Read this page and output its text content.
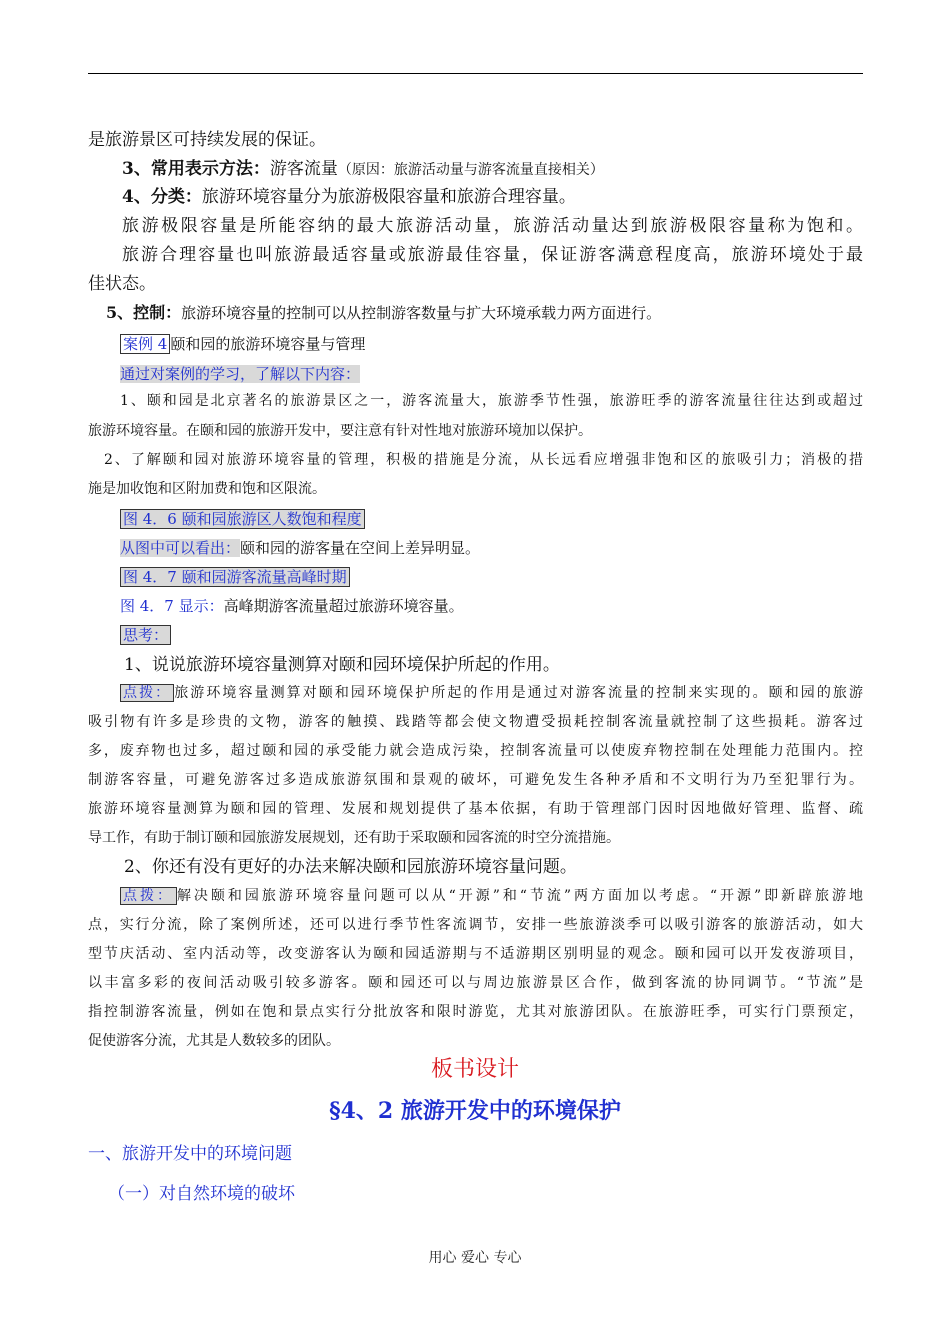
是旅游景区可持续发展的保证。
3、常用表示方法：游客流量（原因：旅游活动量与游客流量直接相关）
4、分类：旅游环境容量分为旅游极限容量和旅游合理容量。
旅游极限容量是所能容纳的最大旅游活动量，旅游活动量达到旅游极限容量称为饱和。
旅游合理容量也叫旅游最适容量或旅游最佳容量，保证游客满意程度高，旅游环境处于最
佳状态。
5、控制：旅游环境容量的控制可以从控制游客数量与扩大环境承载力两方面进行。
案例 4 颐和园的旅游环境容量与管理
通过对案例的学习，了解以下内容：
1、颐和园是北京著名的旅游景区之一，游客流量大，旅游季节性强，旅游旺季的游客流量往往达到或超过
旅游环境容量。在颐和园的旅游开发中，要注意有针对性地对旅游环境加以保护。
2、了解颐和园对旅游环境容量的管理，积极的措施是分流，从长远看应增强非饱和区的旅吸引力；消极的措
施是加收饱和区附加费和饱和区限流。
图 4．6 颐和园旅游区人数饱和程度
从图中可以看出：颐和园的游客量在空间上差异明显。
图 4．7 颐和园游客流量高峰时期
图 4．7 显示：高峰期游客流量超过旅游环境容量。
思考：
1、说说旅游环境容量测算对颐和园环境保护所起的作用。
点拨： 旅游环境容量测算对颐和园环境保护所起的作用是通过对游客流量的控制来实现的。颐和园的旅游
吸引物有许多是珍贵的文物，游客的触摸、践踏等都会使文物遭受损耗控制客流量就控制了这些损耗。游客过
多，废弃物也过多，超过颐和园的承受能力就会造成污染，控制客流量可以使废弃物控制在处理能力范围内。控
制游客容量，可避免游客过多造成旅游氛围和景观的破坏，可避免发生各种矛盾和不文明行为乃至犯罪行为。
旅游环境容量测算为颐和园的管理、发展和规划提供了基本依据，有助于管理部门因时因地做好管理、监督、疏
导工作，有助于制订颐和园旅游发展规划，还有助于采取颐和园客流的时空分流措施。
2、你还有没有更好的办法来解决颐和园旅游环境容量问题。
点拨： 解决颐和园旅游环境容量问题可以从“开源”和“节流”两方面加以考虑。“开源”即新辟旅游地
点，实行分流，除了案例所述，还可以进行季节性客流调节，安排一些旅游淡季可以吸引游客的旅游活动，如大
型节庆活动、室内活动等，改变游客认为颐和园适游期与不适游期区别明显的观念。颐和园可以开发夜游项目，
以丰富多彩的夜间活动吸引较多游客。颐和园还可以与周边旅游景区合作，做到客流的协同调节。“节流”是
指控制游客流量，例如在饱和景点实行分批放客和限时游览，尤其对旅游团队。在旅游旺季，可实行门票预定，
促使游客分流，尤其是人数较多的团队。
板书设计
§4、2 旅游开发中的环境保护
一、旅游开发中的环境问题
（一）对自然环境的破坏
用心 爱心 专心
